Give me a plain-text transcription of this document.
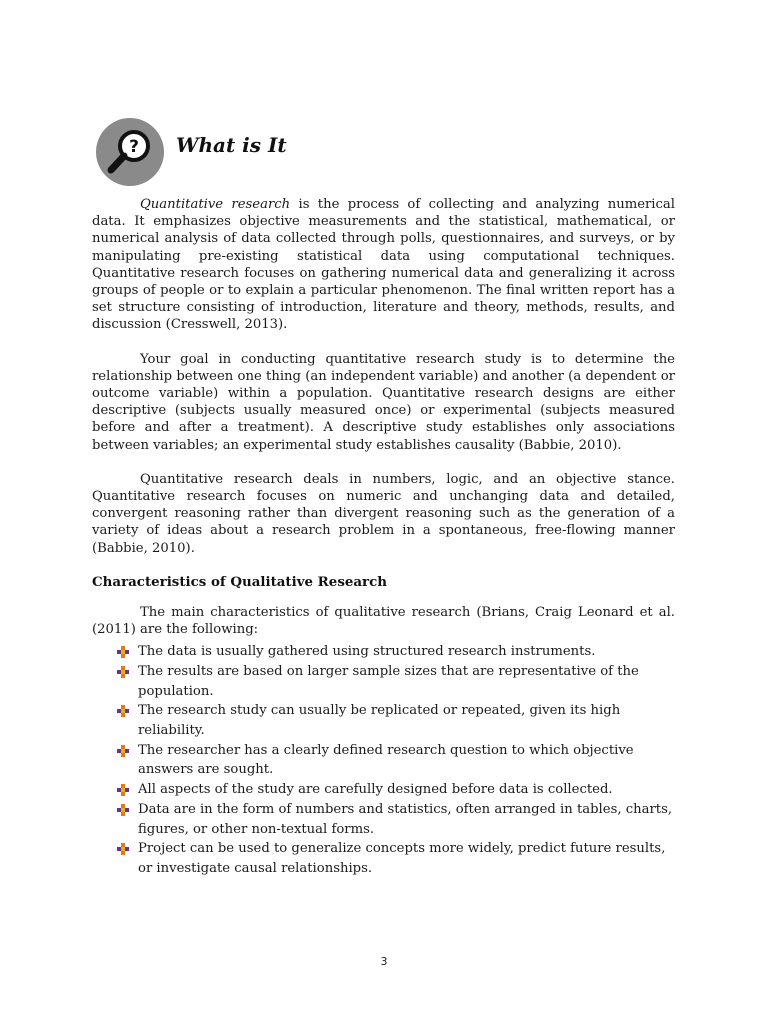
? What is It

Quantitative research is the process of collecting and analyzing numerical data. It emphasizes objective measurements and the statistical, mathematical, or numerical analysis of data collected through polls, questionnaires, and surveys, or by manipulating pre-existing statistical data using computational techniques. Quantitative research focuses on gathering numerical data and generalizing it across groups of people or to explain a particular phenomenon. The final written report has a set structure consisting of introduction, literature and theory, methods, results, and discussion (Cresswell, 2013).

Your goal in conducting quantitative research study is to determine the relationship between one thing (an independent variable) and another (a dependent or outcome variable) within a population. Quantitative research designs are either descriptive (subjects usually measured once) or experimental (subjects measured before and after a treatment). A descriptive study establishes only associations between variables; an experimental study establishes causality (Babbie, 2010).

Quantitative research deals in numbers, logic, and an objective stance. Quantitative research focuses on numeric and unchanging data and detailed, convergent reasoning rather than divergent reasoning such as the generation of a variety of ideas about a research problem in a spontaneous, free-flowing manner (Babbie, 2010).

Characteristics of Qualitative Research

The main characteristics of qualitative research (Brians, Craig Leonard et al. (2011) are the following:

The data is usually gathered using structured research instruments.
The results are based on larger sample sizes that are representative of the population.
The research study can usually be replicated or repeated, given its high reliability.
The researcher has a clearly defined research question to which objective answers are sought.
All aspects of the study are carefully designed before data is collected.
Data are in the form of numbers and statistics, often arranged in tables, charts, figures, or other non-textual forms.
Project can be used to generalize concepts more widely, predict future results, or investigate causal relationships.
3
